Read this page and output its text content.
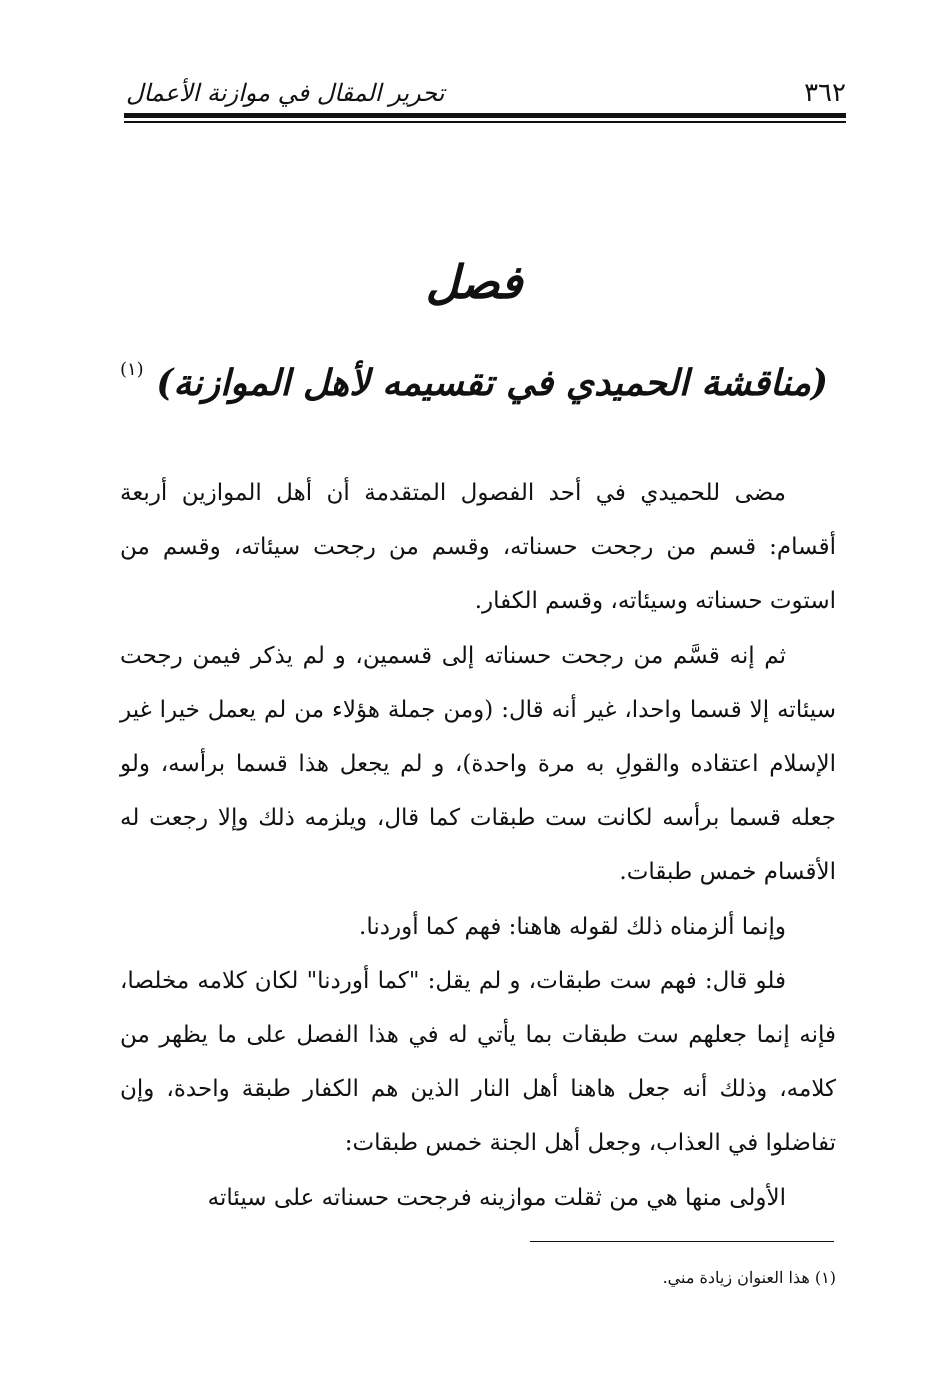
٣٦٢
تحرير المقال في موازنة الأعمال
فصل
(مناقشة الحميدي في تقسيمه لأهل الموازنة) $^{(١)}$

مضى للحميدي في أحد الفصول المتقدمة أن أهل الموازين أربعة أقسام: قسم من رجحت حسناته، وقسم من رجحت سيئاته، وقسم من استوت حسناته وسيئاته، وقسم الكفار.

ثم إنه قسَّم من رجحت حسناته إلى قسمين، و لم يذكر فيمن رجحت سيئاته إلا قسما واحدا، غير أنه قال: (ومن جملة هؤلاء من لم يعمل خيرا غير الإسلام اعتقاده والقولِ به مرة واحدة)، و لم يجعل هذا قسما برأسه، ولو جعله قسما برأسه لكانت ست طبقات كما قال، ويلزمه ذلك وإلا رجعت له الأقسام خمس طبقات.

وإنما ألزمناه ذلك لقوله هاهنا: فهم كما أوردنا.

فلو قال: فهم ست طبقات، و لم يقل: "كما أوردنا" لكان كلامه مخلصا، فإنه إنما جعلهم ست طبقات بما يأتي له في هذا الفصل على ما يظهر من كلامه، وذلك أنه جعل هاهنا أهل النار الذين هم الكفار طبقة واحدة، وإن تفاضلوا في العذاب، وجعل أهل الجنة خمس طبقات:

الأولى منها هي من ثقلت موازينه فرجحت حسناته على سيئاته

(١) هذا العنوان زيادة مني.
